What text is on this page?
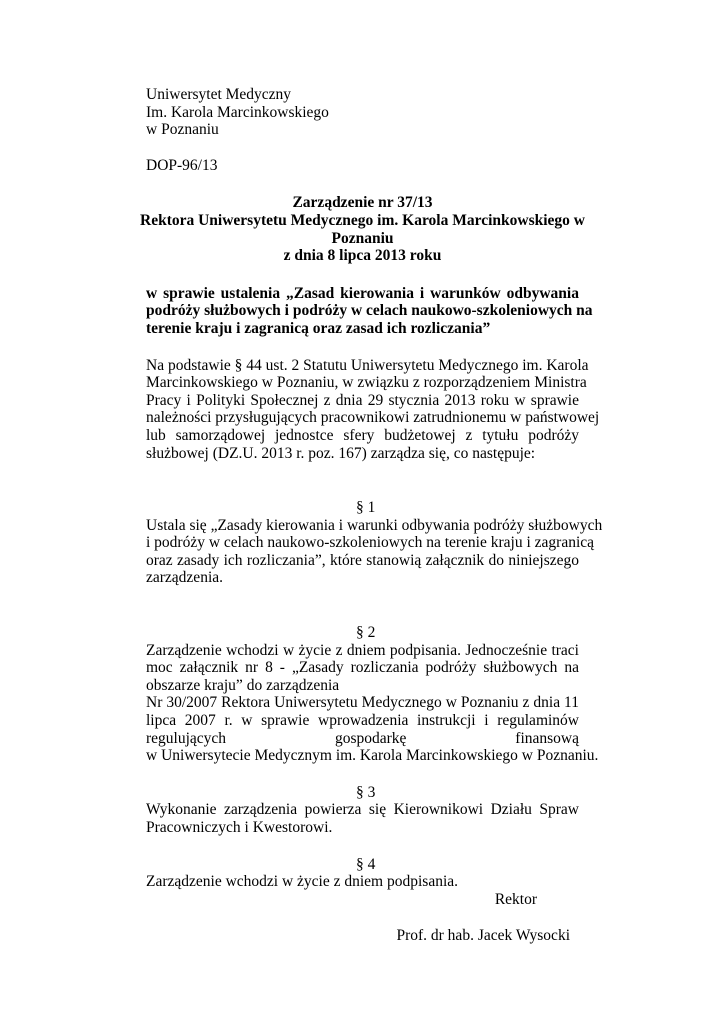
Uniwersytet Medyczny
Im. Karola Marcinkowskiego
w Poznaniu
DOP-96/13
Zarządzenie nr 37/13
Rektora Uniwersytetu Medycznego im. Karola Marcinkowskiego w
Poznaniu
z dnia 8 lipca 2013 roku
w sprawie ustalenia „Zasad kierowania i warunków odbywania
podróży służbowych i podróży w celach naukowo-szkoleniowych na
terenie kraju i zagranicą oraz zasad ich rozliczania”
Na podstawie § 44 ust. 2 Statutu Uniwersytetu Medycznego im. Karola
Marcinkowskiego w Poznaniu, w związku z rozporządzeniem Ministra
Pracy i Polityki Społecznej z dnia 29 stycznia 2013 roku w sprawie
należności przysługujących pracownikowi zatrudnionemu w państwowej
lub samorządowej jednostce sfery budżetowej z tytułu podróży
służbowej (DZ.U. 2013 r. poz. 167) zarządza się, co następuje:
§ 1
Ustala się „Zasady kierowania i warunki odbywania podróży służbowych
i podróży w celach naukowo-szkoleniowych na terenie kraju i zagranicą
oraz zasady ich rozliczania”, które stanowią załącznik do niniejszego
zarządzenia.
§ 2
Zarządzenie wchodzi w życie z dniem podpisania. Jednocześnie traci
moc załącznik nr 8 - „Zasady rozliczania podróży służbowych na
obszarze kraju” do zarządzenia
Nr 30/2007 Rektora Uniwersytetu Medycznego w Poznaniu z dnia 11
lipca 2007 r. w sprawie wprowadzenia instrukcji i regulaminów
regulujących                         gospodarkę                         finansową
w Uniwersytecie Medycznym im. Karola Marcinkowskiego w Poznaniu.
§ 3
Wykonanie zarządzenia powierza się Kierownikowi Działu Spraw
Pracowniczych i Kwestorowi.
§ 4
Zarządzenie wchodzi w życie z dniem podpisania.
Rektor
Prof. dr hab. Jacek Wysocki
